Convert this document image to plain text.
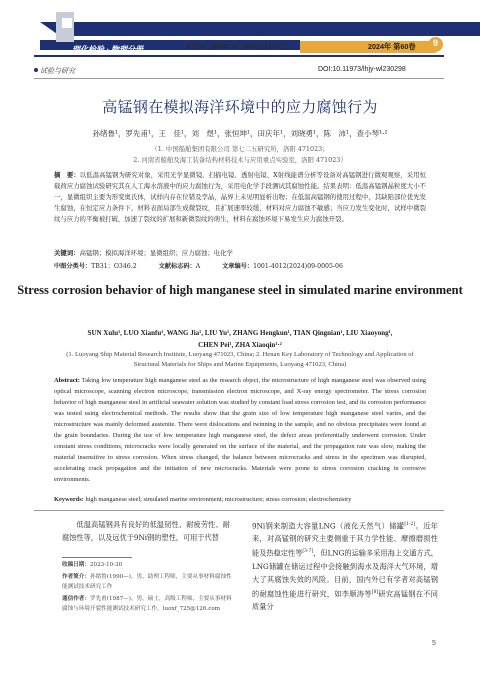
理化检验 · 物理分册	PTCA（PART A : PHYS.TEST.）	2024年 第60卷	9
试验与研究	DOI:10.11973/lhjy-wl230298
高锰钢在模拟海洋环境中的应力腐蚀行为
孙绪鲁¹，罗先甫¹，王　佳¹，刘　煜¹，张恒坤¹，田庆年¹，刘晓勇¹，陈　沛¹，查小琴¹·²
（1. 中国船舶集团有限公司 第七二五研究所，洛阳 471023；
2. 河南省船舶及海工装备结构材料技术与应用重点实验室，洛阳 471023）
摘　要：以低温高锰钢为研究对象，采用光学显微镜、扫描电镜、透射电镜、X射线能谱分析等设备对高锰钢进行微观观察，采用恒载荷应力腐蚀试验研究其在人工海水溶液中的应力腐蚀行为，采用电化学手段测试其腐蚀性能。结果表明：低温高锰钢晶粒度大小不一，显微组织主要为形变奥氏体，试样内存在位错及孪晶，晶界上未见明显析出物；在低温高锰钢的使用过程中，其缺陷部位优先发生腐蚀，在恒定应力条件下，材料表面局部生成微裂纹，且扩展速率较缓，材料对应力腐蚀不敏感；当应力发生变化时，试样中微裂纹与应力的平衡被打破，加速了裂纹的扩展和新微裂纹的萌生，材料在腐蚀环境下易发生应力腐蚀开裂。
关键词：高锰钢；模拟海洋环境；显微组织；应力腐蚀；电化学
中图分类号：TB31；O346.2	文献标志码：A	文章编号：1001-4012(2024)09-0005-06
Stress corrosion behavior of high manganese steel in simulated marine environment
SUN Xulu¹, LUO Xianfu¹, WANG Jia¹, LIU Yu¹, ZHANG Hengkun¹, TIAN Qingnian¹, LIU Xiaoyong¹,
CHEN Pei¹, ZHA Xiaoqin¹·²
(1. Luoyang Ship Material Research Institute, Luoyang 471023, China; 2. Henan Key Laboratory of Technology and Application of Structural Materials for Ships and Marine Equipments, Luoyang 471023, China)
Abstract: Taking low temperature high manganese steel as the research object, the microstructure of high manganese steel was observed using optical microscope, scanning electron microscope, transmission electron microscope, and X-ray energy spectrometer. The stress corrosion behavior of high manganese steel in artificial seawater solution was studied by constant load stress corrosion test, and its corrosion performance was tested using electrochemical methods. The results show that the grain size of low temperature high manganese steel varies, and the microstructure was mainly deformed austenite. There were dislocations and twinning in the sample, and no obvious precipitates were found at the grain boundaries. During the use of low temperature high manganese steel, the defect areas preferentially underwent corrosion. Under constant stress conditions, microcracks were locally generated on the surface of the material, and the propagation rate was slow, making the material insensitive to stress corrosion. When stress changed, the balance between microcracks and stress in the specimen was disrupted, accelerating crack propagation and the initiation of new microcracks. Materials were prone to stress corrosion cracking in corrosive environments.
Keywords: high manganese steel; simulated marine environment; microstructure; stress corrosion; electrochemistry
低温高锰钢具有良好的低温韧性、耐疲劳性、耐腐蚀性等，以及远优于9Ni钢的塑性，可用于代替
9Ni钢来制造大容量LNG（液化天然气）储罐[1-2]。近年来，对高锰钢的研究主要侧重于其力学性能、摩擦磨损性能及热稳定性等[3-7]，但LNG的运输多采用海上交通方式，LNG储罐在储运过程中会接触到海水及海洋大气环境，增大了其腐蚀失效的风险。目前，国内外已有学者对高锰钢的耐腐蚀性能进行研究，如李顺涛等[8]研究高锰钢在不同质量分
收稿日期：2023-10-30
作者简介：孙绪鲁(1990—)，男，助理工程师，主要从事材料腐蚀性能测试技术研究工作
通信作者：罗先甫(1987—)，男，硕士，高级工程师，主要从事材料腐蚀与环境开裂性能测试技术研究工作，luoxf_725@126.com
5
